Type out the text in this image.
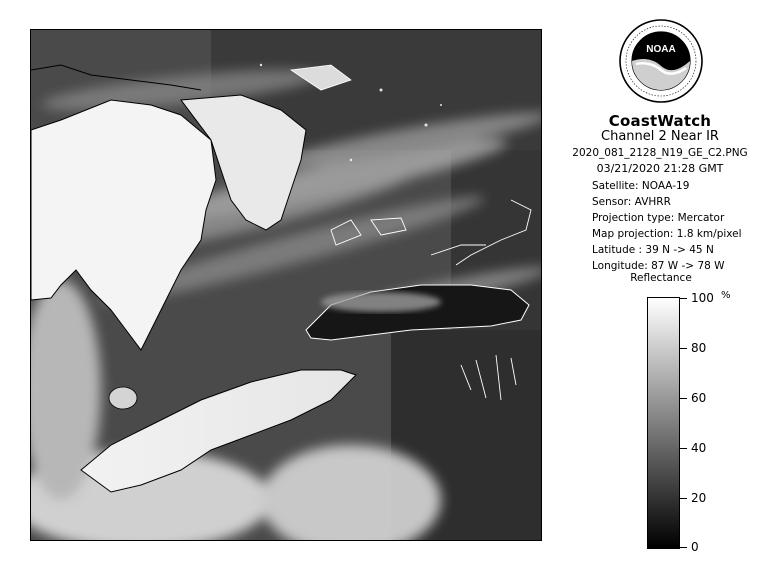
NOAA
CoastWatch
Channel 2 Near IR
2020_081_2128_N19_GE_C2.PNG
03/21/2020 21:28 GMT
Satellite: NOAA-19
Sensor: AVHRR
Projection type: Mercator
Map projection: 1.8 km/pixel
Latitude : 39 N -> 45 N
Longitude: 87 W -> 78 W
Reflectance
%
100
80
60
40
20
0
